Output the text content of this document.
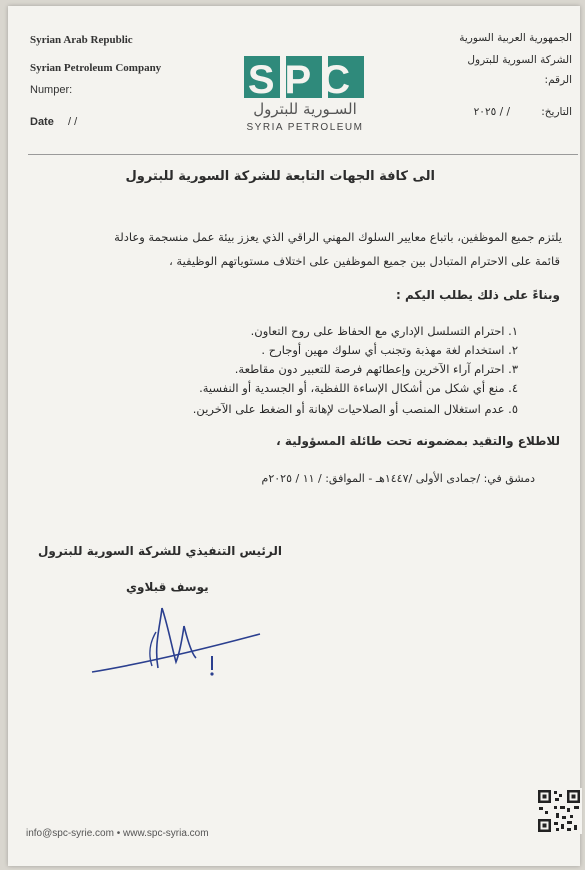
Syrian Arab Republic
Syrian Petroleum Company
Numper:
Date / /
الجمهورية العربية السورية
الشركة السورية للبترول
الرقم:
التاريخ:
/ / ٢٠٢٥
SPC
السـورية للبترول
SYRIA PETROLEUM
الى كافة الجهات التابعة للشركة السورية للبترول
يلتزم جميع الموظفين، باتباع معايير السلوك المهني الراقي الذي يعزز بيئة عمل منسجمة وعادلة
قائمة على الاحترام المتبادل بين جميع الموظفين على اختلاف مستوياتهم الوظيفية ،
وبناءً على ذلك يطلب اليكم :
١. احترام التسلسل الإداري مع الحفاظ على روح التعاون.
٢. استخدام لغة مهذبة وتجنب أي سلوك مهين أوجارح .
٣. احترام آراء الآخرين وإعطائهم فرصة للتعبير دون مقاطعة.
٤. منع أي شكل من أشكال الإساءة اللفظية، أو الجسدية أو النفسية.
٥. عدم استغلال المنصب أو الصلاحيات لإهانة أو الضغط على الآخرين.
للاطلاع والتقيد بمضمونه تحت طائلة المسؤولية ،
دمشق في: /جمادى الأولى /١٤٤٧هـ - الموافق: / ١١ / ٢٠٢٥م
الرئيس التنفيذي للشركة السورية للبترول
يوسف قبلاوي
info@spc-syrie.com • www.spc-syria.com
